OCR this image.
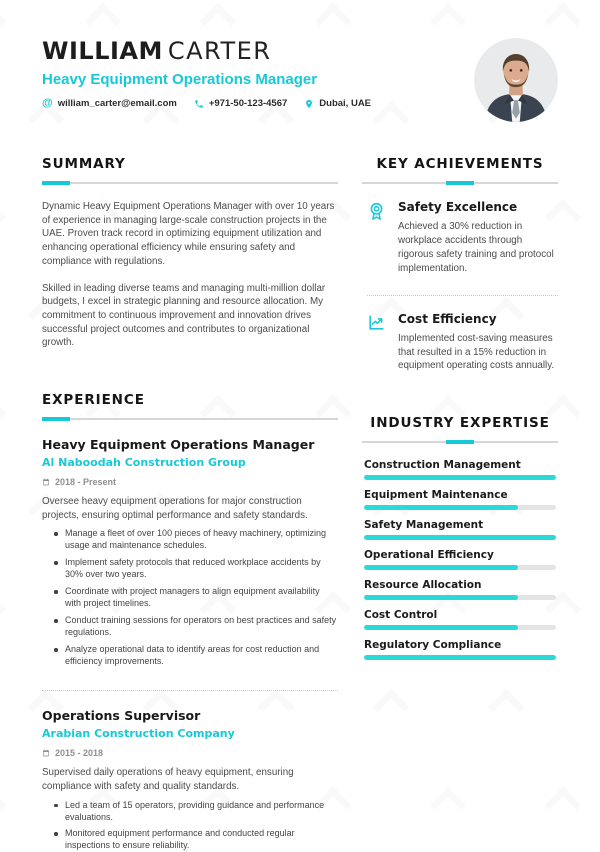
WILLIAM CARTER
Heavy Equipment Operations Manager
@ william_carter@email.com	+971-50-123-4567	Dubai, UAE
SUMMARY

Dynamic Heavy Equipment Operations Manager with over 10 years of experience in managing large-scale construction projects in the UAE. Proven track record in optimizing equipment utilization and enhancing operational efficiency while ensuring safety and compliance with regulations.

Skilled in leading diverse teams and managing multi-million dollar budgets, I excel in strategic planning and resource allocation. My commitment to continuous improvement and innovation drives successful project outcomes and contributes to organizational growth.

EXPERIENCE
Heavy Equipment Operations Manager
Al Naboodah Construction Group
2018 - Present
Oversee heavy equipment operations for major construction projects, ensuring optimal performance and safety standards.
Manage a fleet of over 100 pieces of heavy machinery, optimizing usage and maintenance schedules.
Implement safety protocols that reduced workplace accidents by 30% over two years.
Coordinate with project managers to align equipment availability with project timelines.
Conduct training sessions for operators on best practices and safety regulations.
Analyze operational data to identify areas for cost reduction and efficiency improvements.
Operations Supervisor
Arabian Construction Company
2015 - 2018
Supervised daily operations of heavy equipment, ensuring compliance with safety and quality standards.
Led a team of 15 operators, providing guidance and performance evaluations.
Monitored equipment performance and conducted regular inspections to ensure reliability.
KEY ACHIEVEMENTS
Safety Excellence

Achieved a 30% reduction in workplace accidents through rigorous safety training and protocol implementation.

Cost Efficiency

Implemented cost-saving measures that resulted in a 15% reduction in equipment operating costs annually.

INDUSTRY EXPERTISE
Construction Management
Equipment Maintenance
Safety Management
Operational Efficiency
Resource Allocation
Cost Control
Regulatory Compliance
